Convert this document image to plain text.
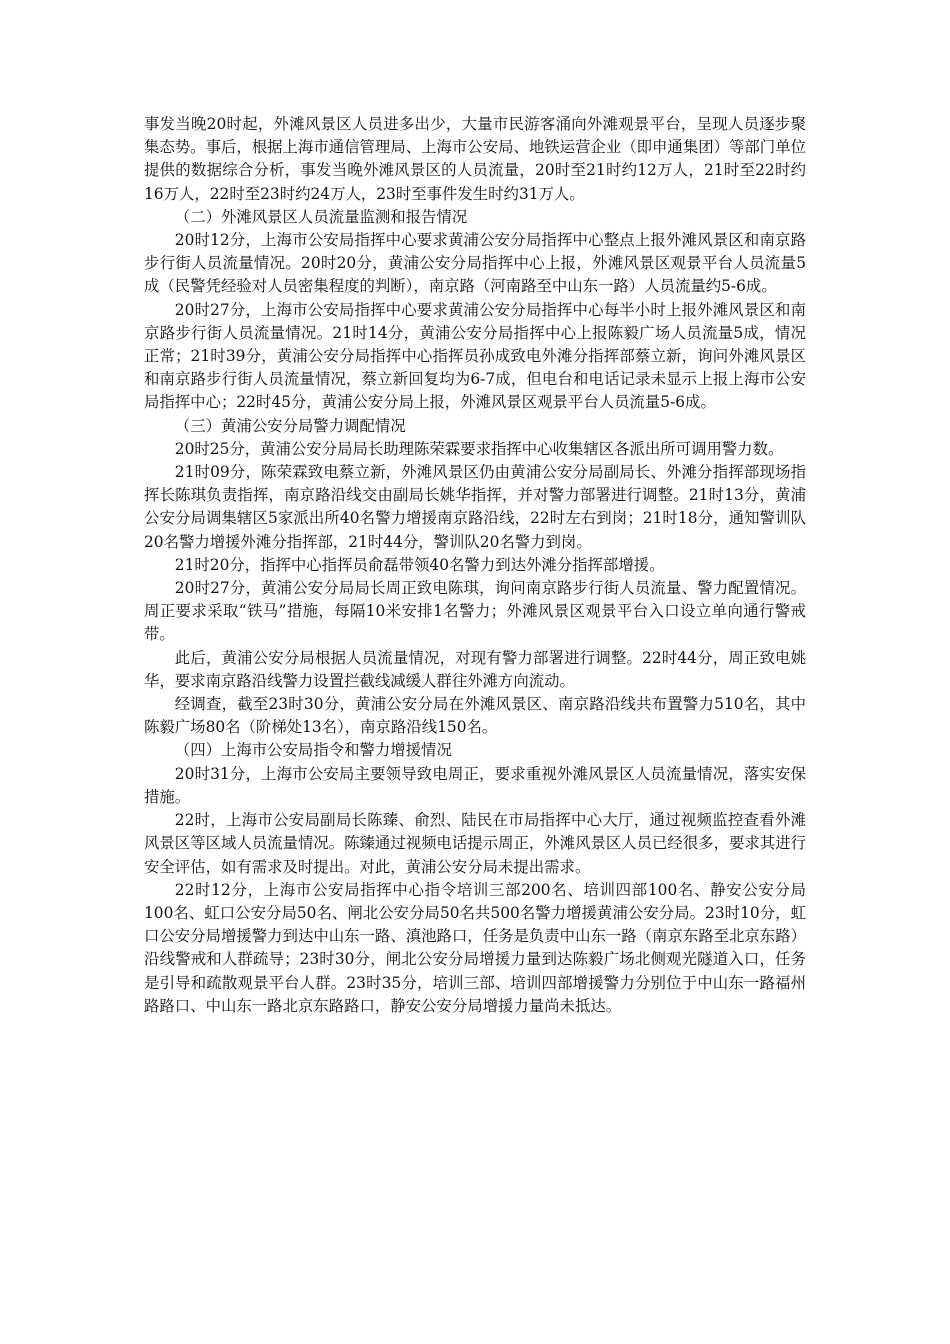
事发当晚20时起，外滩风景区人员进多出少，大量市民游客涌向外滩观景平台，呈现人员逐步聚集态势。事后，根据上海市通信管理局、上海市公安局、地铁运营企业（即申通集团）等部门单位提供的数据综合分析，事发当晚外滩风景区的人员流量，20时至21时约12万人，21时至22时约16万人，22时至23时约24万人，23时至事件发生时约31万人。

（二）外滩风景区人员流量监测和报告情况

20时12分，上海市公安局指挥中心要求黄浦公安分局指挥中心整点上报外滩风景区和南京路步行街人员流量情况。20时20分，黄浦公安分局指挥中心上报，外滩风景区观景平台人员流量5成（民警凭经验对人员密集程度的判断），南京路（河南路至中山东一路）人员流量约5-6成。

20时27分，上海市公安局指挥中心要求黄浦公安分局指挥中心每半小时上报外滩风景区和南京路步行街人员流量情况。21时14分，黄浦公安分局指挥中心上报陈毅广场人员流量5成，情况正常；21时39分，黄浦公安分局指挥中心指挥员孙成致电外滩分指挥部蔡立新，询问外滩风景区和南京路步行街人员流量情况，蔡立新回复均为6-7成，但电台和电话记录未显示上报上海市公安局指挥中心；22时45分，黄浦公安分局上报，外滩风景区观景平台人员流量5-6成。

（三）黄浦公安分局警力调配情况

20时25分，黄浦公安分局局长助理陈荣霖要求指挥中心收集辖区各派出所可调用警力数。

21时09分，陈荣霖致电蔡立新，外滩风景区仍由黄浦公安分局副局长、外滩分指挥部现场指挥长陈琪负责指挥，南京路沿线交由副局长姚华指挥，并对警力部署进行调整。21时13分，黄浦公安分局调集辖区5家派出所40名警力增援南京路沿线，22时左右到岗；21时18分，通知警训队20名警力增援外滩分指挥部，21时44分，警训队20名警力到岗。

21时20分，指挥中心指挥员俞磊带领40名警力到达外滩分指挥部增援。

20时27分，黄浦公安分局局长周正致电陈琪，询问南京路步行街人员流量、警力配置情况。周正要求采取“铁马”措施，每隔10米安排1名警力；外滩风景区观景平台入口设立单向通行警戒带。

此后，黄浦公安分局根据人员流量情况，对现有警力部署进行调整。22时44分，周正致电姚华，要求南京路沿线警力设置拦截线减缓人群往外滩方向流动。

经调查，截至23时30分，黄浦公安分局在外滩风景区、南京路沿线共布置警力510名，其中陈毅广场80名（阶梯处13名），南京路沿线150名。

（四）上海市公安局指令和警力增援情况

20时31分，上海市公安局主要领导致电周正，要求重视外滩风景区人员流量情况，落实安保措施。

22时，上海市公安局副局长陈臻、俞烈、陆民在市局指挥中心大厅，通过视频监控查看外滩风景区等区域人员流量情况。陈臻通过视频电话提示周正，外滩风景区人员已经很多，要求其进行安全评估，如有需求及时提出。对此，黄浦公安分局未提出需求。

22时12分，上海市公安局指挥中心指令培训三部200名、培训四部100名、静安公安分局100名、虹口公安分局50名、闸北公安分局50名共500名警力增援黄浦公安分局。23时10分，虹口公安分局增援警力到达中山东一路、滇池路口，任务是负责中山东一路（南京东路至北京东路）沿线警戒和人群疏导；23时30分，闸北公安分局增援力量到达陈毅广场北侧观光隧道入口，任务是引导和疏散观景平台人群。23时35分，培训三部、培训四部增援警力分别位于中山东一路福州路路口、中山东一路北京东路路口，静安公安分局增援力量尚未抵达。
